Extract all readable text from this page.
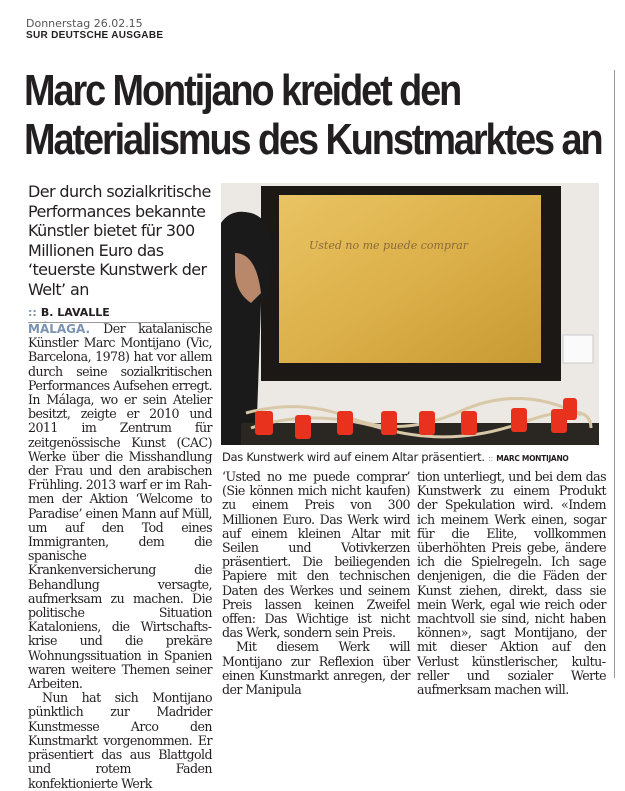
Donnerstag 26.02.15
SUR DEUTSCHE AUSGABE
Marc Montijano kreidet den
Materialismus des Kunstmarktes an
Der durch sozialkritische Performances bekannte Künstler bietet für 300 Millionen Euro das ‘teuerste Kunstwerk der Welt’ an
:: B. LAVALLE
Usted no me puede comprar
Das Kunstwerk wird auf einem Altar präsentiert. :: MARC MONTIJANO

MÁLAGA. Der katalanische Künstler Marc Montijano (Vic, Barcelona, 1978) hat vor allem durch seine sozialkritischen Performances Aufsehen erregt. In Málaga, wo er sein Atelier besitzt, zeigte er 2010 und 2011 im Zentrum für zeitgenössische Kunst (CAC) Werke über die Misshandlung der Frau und den arabischen Frühling. 2013 warf er im Rahmen der Aktion ‘Welcome to Paradise’ einen Mann auf Müll, um auf den Tod eines Immigranten, dem die spanische Krankenversicherung die Behandlung versagte, aufmerksam zu machen. Die politische Situation Kataloniens, die Wirtschaftskrise und die prekäre Wohnungssituation in Spanien waren weitere Themen seiner Arbeiten.

Nun hat sich Montijano pünktlich zur Madrider Kunstmesse Arco den Kunstmarkt vorgenommen. Er präsentiert das aus Blattgold und rotem Faden konfektionierte Werk

‘Usted no me puede comprar’ (Sie können mich nicht kaufen) zu einem Preis von 300 Millionen Euro. Das Werk wird auf einem kleinen Altar mit Seilen und Votivkerzen präsentiert. Die beiliegenden Papiere mit den technischen Daten des Werkes und seinem Preis lassen keinen Zweifel offen: Das Wichtige ist nicht das Werk, sondern sein Preis.

Mit diesem Werk will Montijano zur Reflexion über einen Kunstmarkt anregen, der der Manipula

tion unterliegt, und bei dem das Kunstwerk zu einem Produkt der Spekulation wird. «Indem ich meinem Werk einen, sogar für die Elite, vollkommen überhöhten Preis gebe, ändere ich die Spielregeln. Ich sage denjenigen, die die Fäden der Kunst ziehen, direkt, dass sie mein Werk, egal wie reich oder machtvoll sie sind, nicht haben können», sagt Montijano, der mit dieser Aktion auf den Verlust künstlerischer, kultureller und sozialer Werte aufmerksam machen will.
